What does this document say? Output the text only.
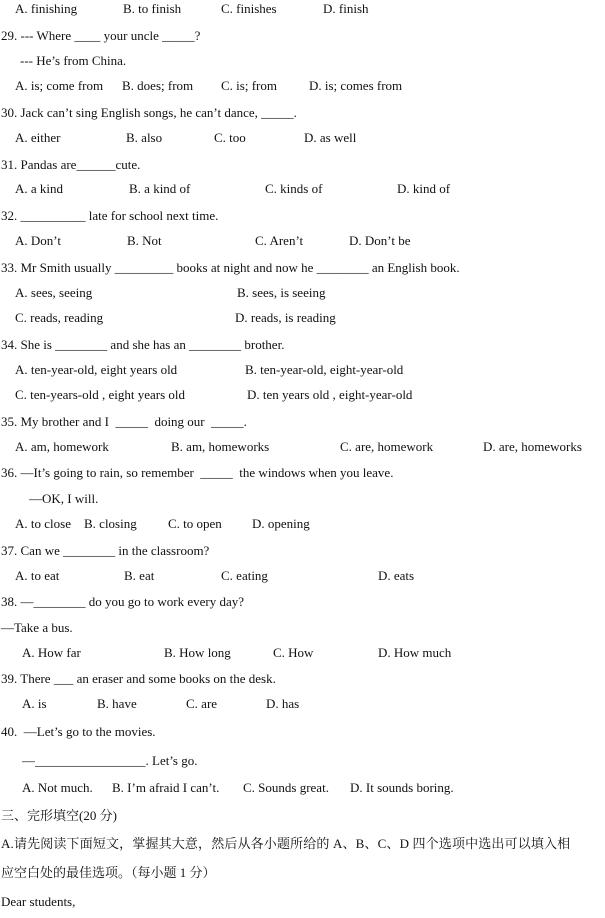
A. finishing	B. to finish	C. finishes	D. finish
29. --- Where ____ your uncle _____?
--- He’s from China.
A. is; come from B. does; from C. is; from D. is; comes from
30. Jack can’t sing English songs, he can’t dance, _____.
A. either	B. also	C. too	D. as well
31. Pandas are______cute.
A. a kind	B. a kind of	C. kinds of	D. kind of
32. __________ late for school next time.
A. Don’t	B. Not	C. Aren’t	D. Don’t be
33. Mr Smith usually _________ books at night and now he ________ an English book.
A. sees, seeing	B. sees, is seeing
C. reads, reading	D. reads, is reading
34. She is ________ and she has an ________ brother.
A. ten-year-old, eight years old	B. ten-year-old, eight-year-old
C. ten-years-old , eight years old	D. ten years old , eight-year-old
35. My brother and I  _____  doing our  _____.
A. am, homework	B. am, homeworks	C. are, homework	D. are, homeworks
36. —It’s going to rain, so remember  _____  the windows when you leave.
—OK, I will.
A. to close B. closing C. to open D. opening
37. Can we ________ in the classroom?
A. to eat	B. eat	C. eating	D. eats
38. —________ do you go to work every day?
—Take a bus.
A. How far	B. How long	C. How	D. How much
39. There ___ an eraser and some books on the desk.
A. is	B. have	C. are	D. has
40.  —Let’s go to the movies.
—_________________. Let’s go.
A. Not much. B. I’m afraid I can’t. C. Sounds great. D. It sounds boring.
三、完形填空(20 分)
A.请先阅读下面短文，掌握其大意，然后从各小题所给的 A、B、C、D 四个选项中选出可以填入相
应空白处的最佳选项。（每小题 1 分）
Dear students,
